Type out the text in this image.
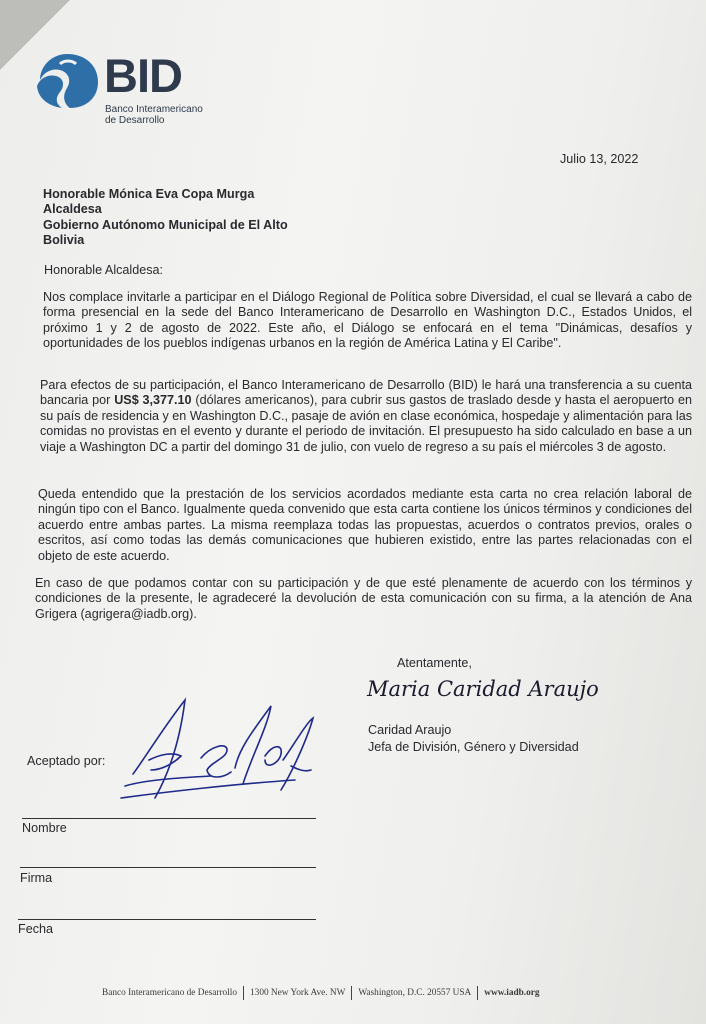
BID
Banco Interamericano
de Desarrollo
Julio 13, 2022
Honorable Mónica Eva Copa Murga
Alcaldesa
Gobierno Autónomo Municipal de El Alto
Bolivia
Honorable Alcaldesa:
Nos complace invitarle a participar en el Diálogo Regional de Política sobre Diversidad, el cual se llevará a cabo de forma presencial en la sede del Banco Interamericano de Desarrollo en Washington D.C., Estados Unidos, el próximo 1 y 2 de agosto de 2022. Este año, el Diálogo se enfocará en el tema "Dinámicas, desafíos y oportunidades de los pueblos indígenas urbanos en la región de América Latina y El Caribe".
Para efectos de su participación, el Banco Interamericano de Desarrollo (BID) le hará una transferencia a su cuenta bancaria por US$ 3,377.10 (dólares americanos), para cubrir sus gastos de traslado desde y hasta el aeropuerto en su país de residencia y en Washington D.C., pasaje de avión en clase económica, hospedaje y alimentación para las comidas no provistas en el evento y durante el periodo de invitación. El presupuesto ha sido calculado en base a un viaje a Washington DC a partir del domingo 31 de julio, con vuelo de regreso a su país el miércoles 3 de agosto.
Queda entendido que la prestación de los servicios acordados mediante esta carta no crea relación laboral de ningún tipo con el Banco. Igualmente queda convenido que esta carta contiene los únicos términos y condiciones del acuerdo entre ambas partes. La misma reemplaza todas las propuestas, acuerdos o contratos previos, orales o escritos, así como todas las demás comunicaciones que hubieren existido, entre las partes relacionadas con el objeto de este acuerdo.
En caso de que podamos contar con su participación y de que esté plenamente de acuerdo con los términos y condiciones de la presente, le agradeceré la devolución de esta comunicación con su firma, a la atención de Ana Grigera (agrigera@iadb.org).
Atentamente,
Maria Caridad Araujo
Caridad Araujo
Jefa de División, Género y Diversidad
Aceptado por:
Nombre
Firma
Fecha
Banco Interamericano de Desarrollo 1300 New York Ave. NW Washington, D.C. 20557 USA www.iadb.org
